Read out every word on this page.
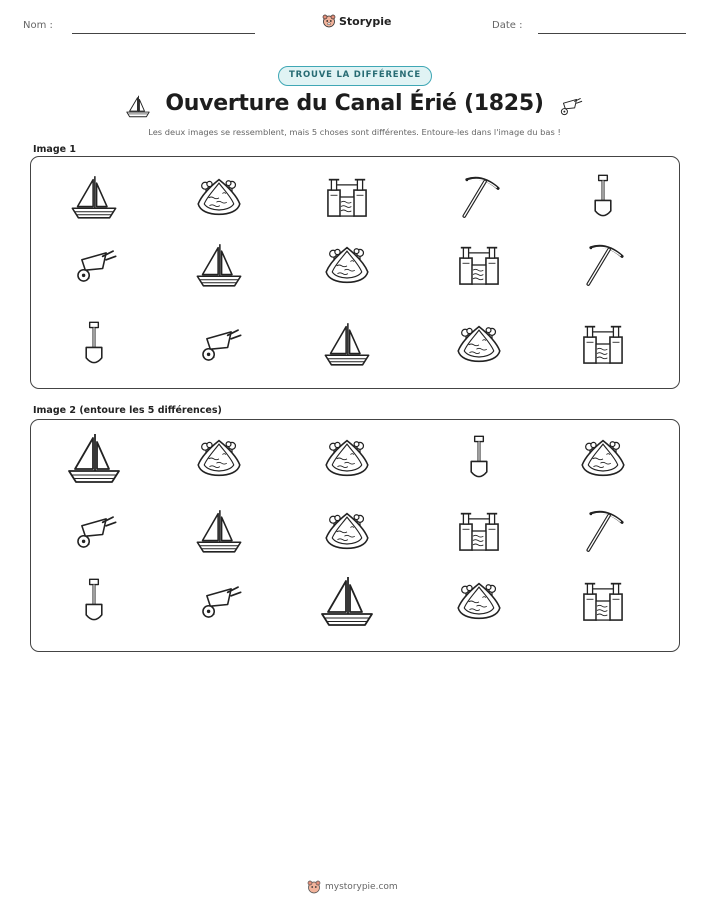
Nom :	Storypie	Date :
TROUVE LA DIFFÉRENCE
Ouverture du Canal Érié (1825)
Les deux images se ressemblent, mais 5 choses sont différentes. Entoure-les dans l'image du bas !
Image 1
Image 2 (entoure les 5 différences)
mystorypie.com
